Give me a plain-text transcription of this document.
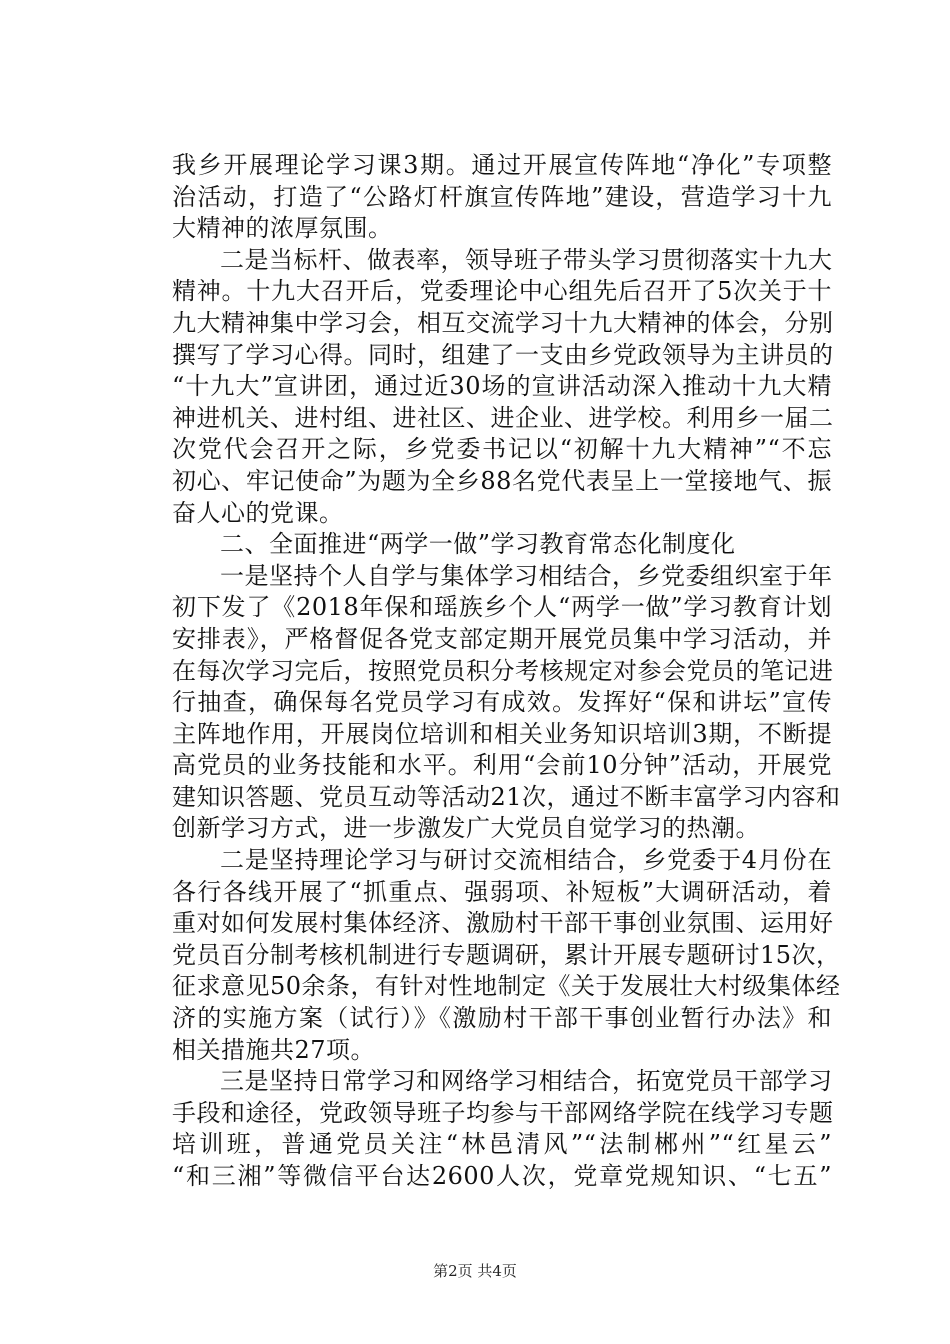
我乡开展理论学习课3期。通过开展宣传阵地“净化”专项整
治活动，打造了“公路灯杆旗宣传阵地”建设，营造学习十九
大精神的浓厚氛围。
二是当标杆、做表率，领导班子带头学习贯彻落实十九大
精神。十九大召开后，党委理论中心组先后召开了5次关于十
九大精神集中学习会，相互交流学习十九大精神的体会，分别
撰写了学习心得。同时，组建了一支由乡党政领导为主讲员的
“十九大”宣讲团，通过近30场的宣讲活动深入推动十九大精
神进机关、进村组、进社区、进企业、进学校。利用乡一届二
次党代会召开之际，乡党委书记以“初解十九大精神”“不忘
初心、牢记使命”为题为全乡88名党代表呈上一堂接地气、振
奋人心的党课。
二、全面推进“两学一做”学习教育常态化制度化
一是坚持个人自学与集体学习相结合，乡党委组织室于年
初下发了《2018年保和瑶族乡个人“两学一做”学习教育计划
安排表》，严格督促各党支部定期开展党员集中学习活动，并
在每次学习完后，按照党员积分考核规定对参会党员的笔记进
行抽查，确保每名党员学习有成效。发挥好“保和讲坛”宣传
主阵地作用，开展岗位培训和相关业务知识培训3期，不断提
高党员的业务技能和水平。利用“会前10分钟”活动，开展党
建知识答题、党员互动等活动21次，通过不断丰富学习内容和
创新学习方式，进一步激发广大党员自觉学习的热潮。
二是坚持理论学习与研讨交流相结合，乡党委于4月份在
各行各线开展了“抓重点、强弱项、补短板”大调研活动，着
重对如何发展村集体经济、激励村干部干事创业氛围、运用好
党员百分制考核机制进行专题调研，累计开展专题研讨15次，
征求意见50余条，有针对性地制定《关于发展壮大村级集体经
济的实施方案（试行）》《激励村干部干事创业暂行办法》和
相关措施共27项。
三是坚持日常学习和网络学习相结合，拓宽党员干部学习
手段和途径，党政领导班子均参与干部网络学院在线学习专题
培训班，普通党员关注“林邑清风”“法制郴州”“红星云”
“和三湘”等微信平台达2600人次，党章党规知识、“七五”
第2页 共4页
